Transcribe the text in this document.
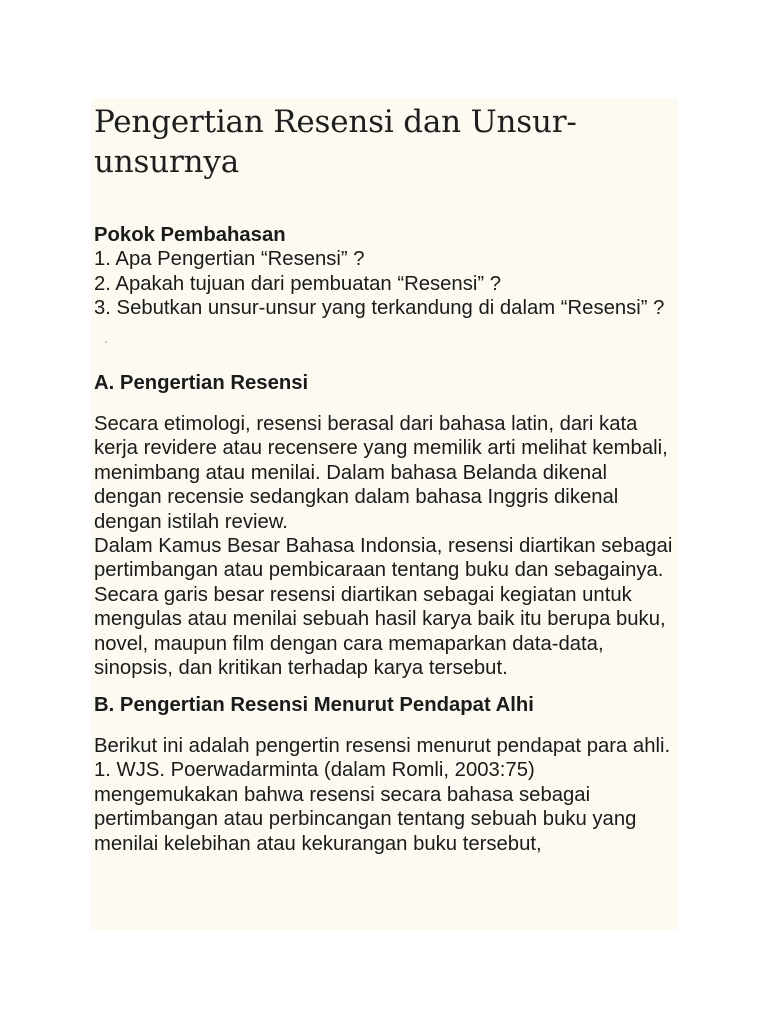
Pengertian Resensi dan Unsur-unsurnya
Pokok Pembahasan
1. Apa Pengertian “Resensi” ?
2. Apakah tujuan dari pembuatan “Resensi” ?
3. Sebutkan unsur-unsur yang terkandung di dalam “Resensi” ?
A. Pengertian Resensi
Secara etimologi, resensi berasal dari bahasa latin, dari kata kerja revidere atau recensere yang memilik arti melihat kembali, menimbang atau menilai. Dalam bahasa Belanda dikenal dengan recensie sedangkan dalam bahasa Inggris dikenal dengan istilah review.
Dalam Kamus Besar Bahasa Indonsia, resensi diartikan sebagai pertimbangan atau pembicaraan tentang buku dan sebagainya. Secara garis besar resensi diartikan sebagai kegiatan untuk mengulas atau menilai sebuah hasil karya baik itu berupa buku, novel, maupun film dengan cara memaparkan data-data, sinopsis, dan kritikan terhadap karya tersebut.
B. Pengertian Resensi Menurut Pendapat Alhi
Berikut ini adalah pengertin resensi menurut pendapat para ahli.
1. WJS. Poerwadarminta (dalam Romli, 2003:75) mengemukakan bahwa resensi secara bahasa sebagai pertimbangan atau perbincangan tentang sebuah buku yang menilai kelebihan atau kekurangan buku tersebut,
